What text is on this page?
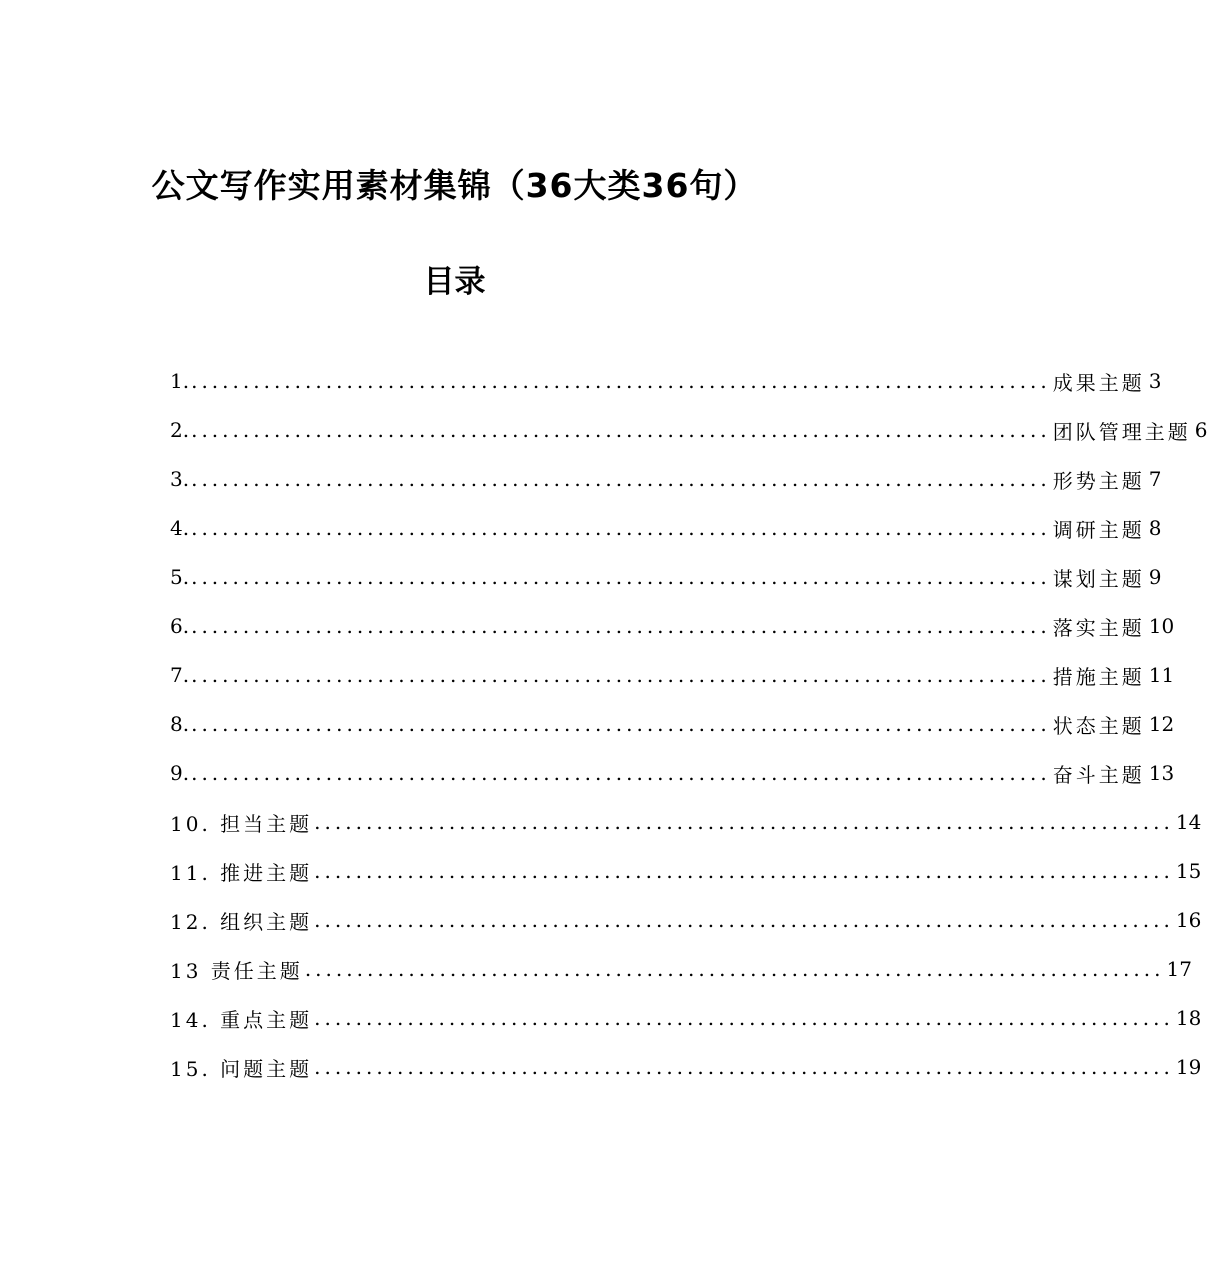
公文写作实用素材集锦（36大类36句）
目录
1. ................................................................................... 成果主题 3
2. ................................................................................... 团队管理主题 6
3. ................................................................................... 形势主题 7
4. ................................................................................... 调研主题 8
5. ................................................................................... 谋划主题 9
6. ................................................................................... 落实主题 10
7. ................................................................................... 措施主题 11
8. ................................................................................... 状态主题 12
9. ................................................................................... 奋斗主题 13
10. 担当主题 ................................................................................... 14
11. 推进主题 ................................................................................... 15
12. 组织主题 ................................................................................... 16
13 责任主题 ................................................................................... 17
14. 重点主题 ................................................................................... 18
15. 问题主题 ................................................................................... 19
